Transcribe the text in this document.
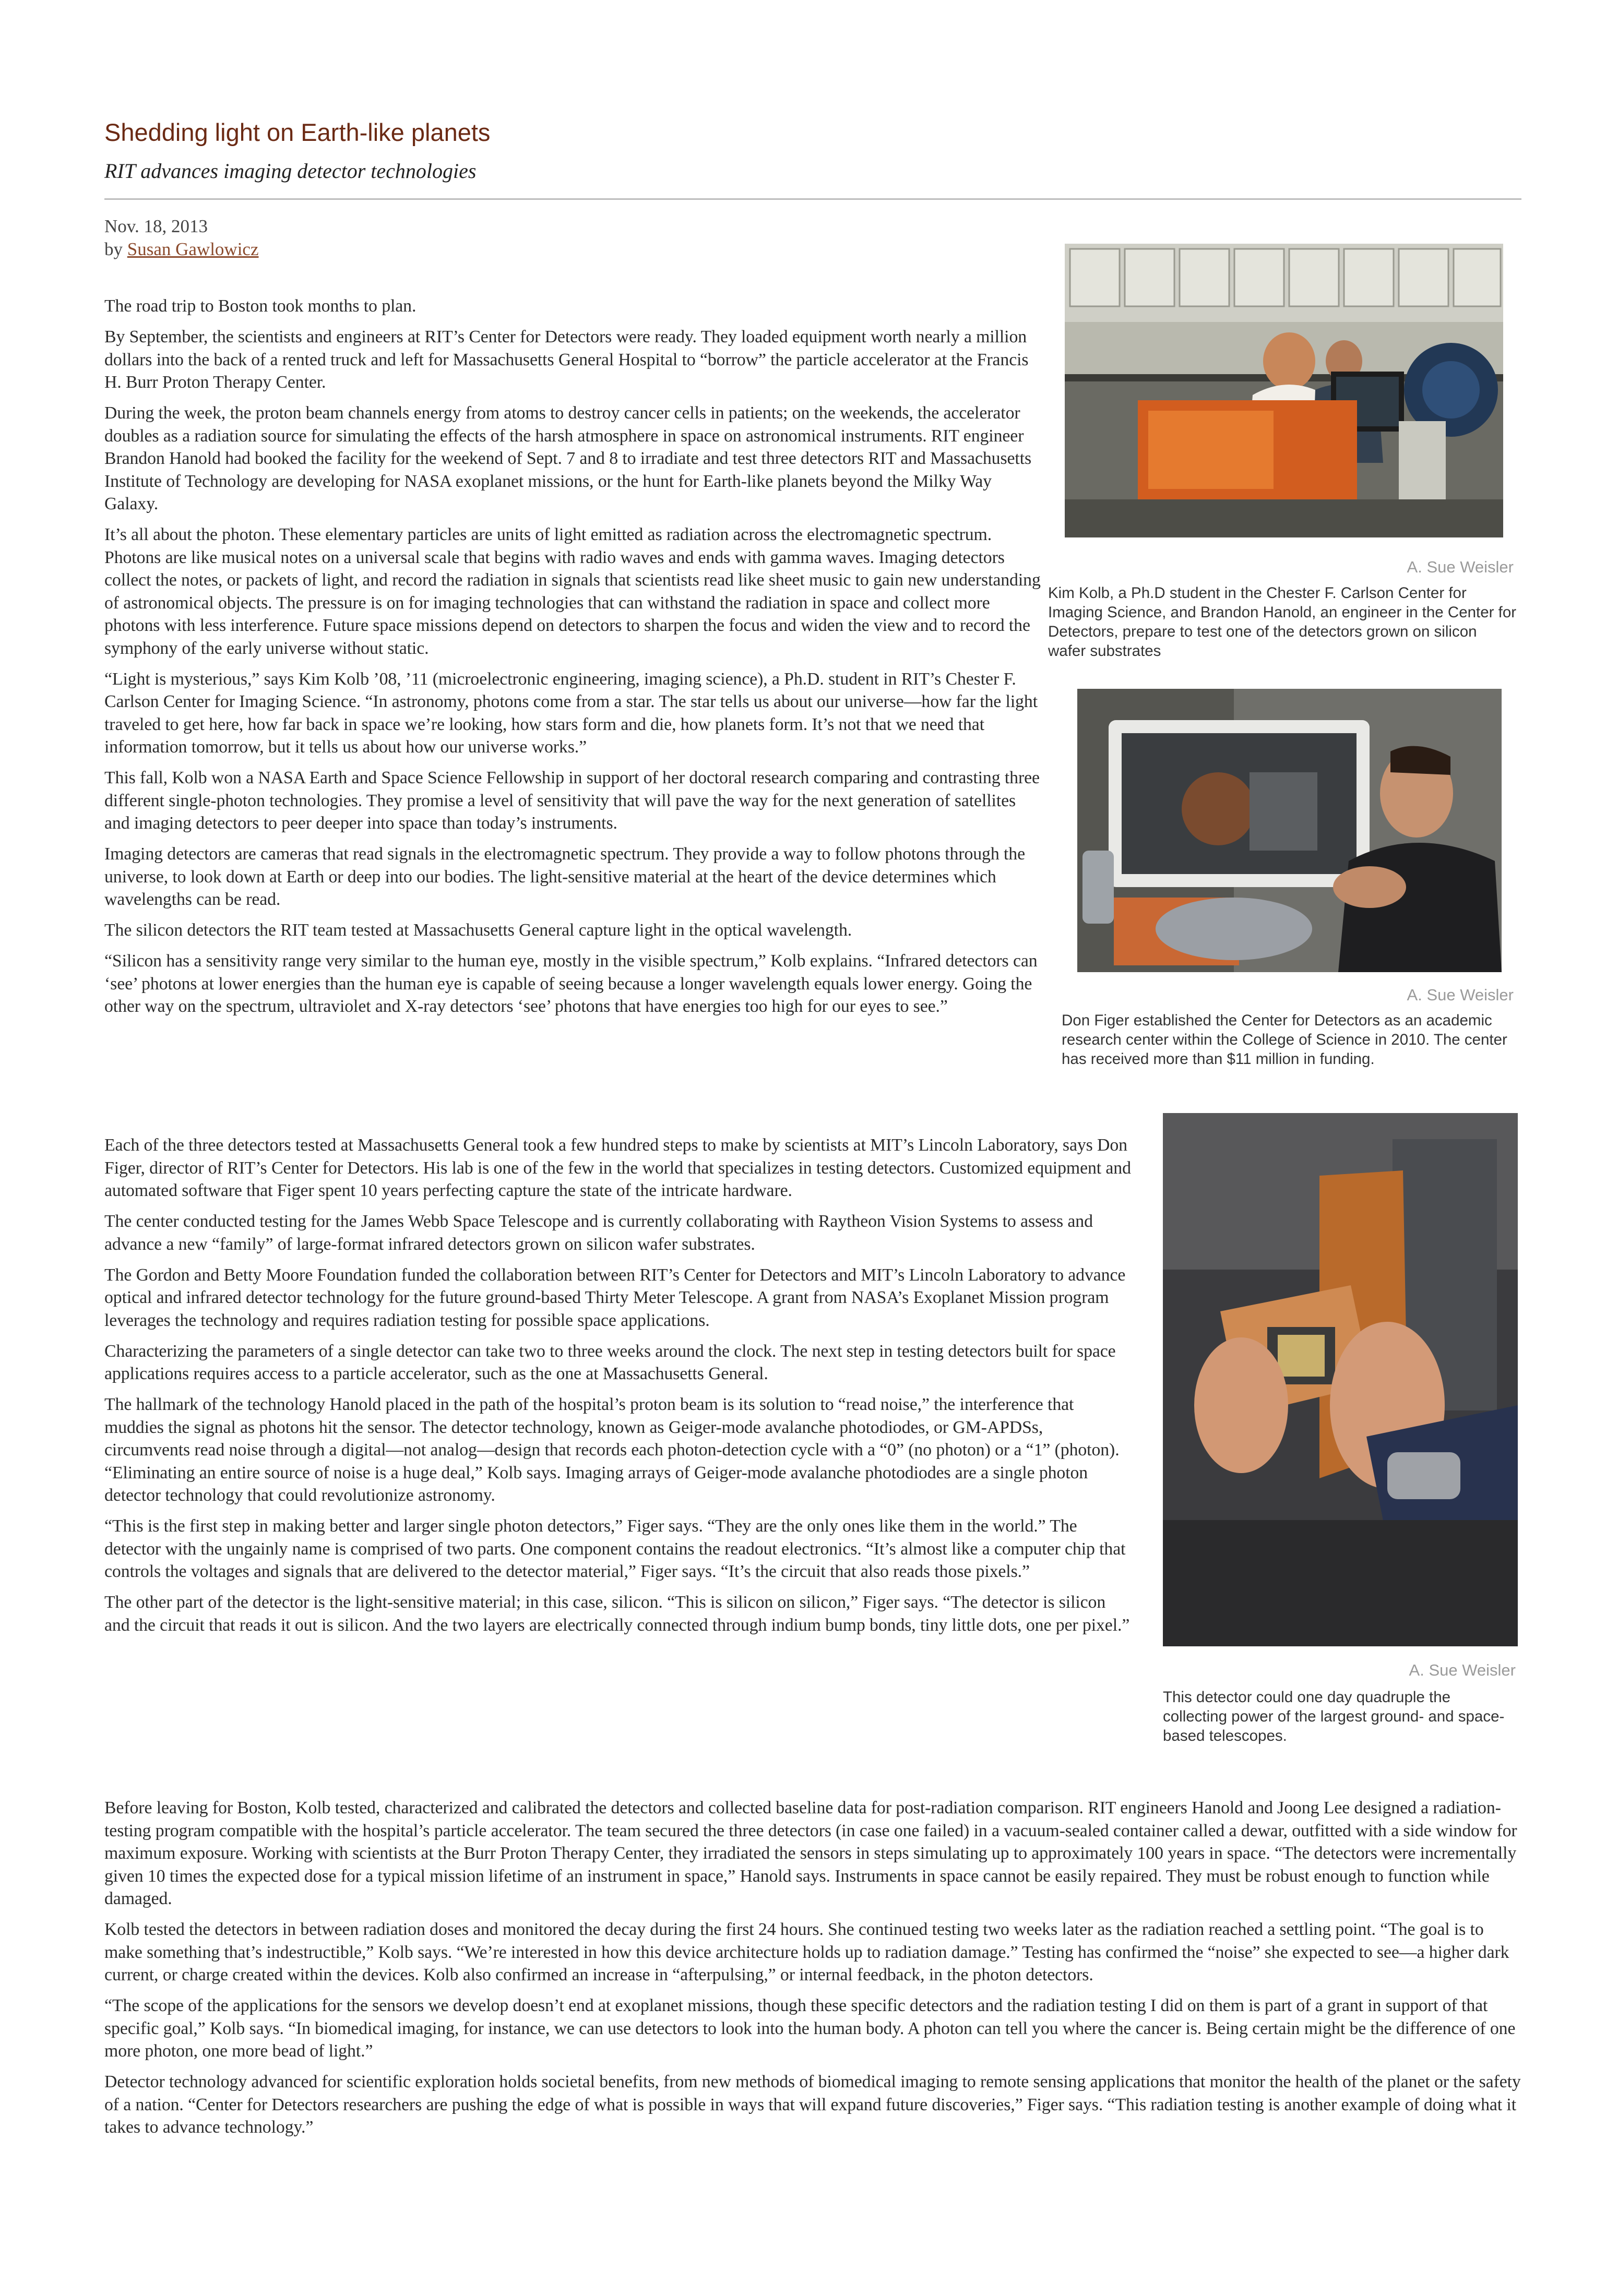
Shedding light on Earth-like planets
RIT advances imaging detector technologies
Nov. 18, 2013
by Susan Gawlowicz

The road trip to Boston took months to plan.

By September, the scientists and engineers at RIT’s Center for Detectors were ready. They loaded equipment worth nearly a million dollars into the back of a rented truck and left for Massachusetts General Hospital to “borrow” the particle accelerator at the Francis H. Burr Proton Therapy Center.

During the week, the proton beam channels energy from atoms to destroy cancer cells in patients; on the weekends, the accelerator doubles as a radiation source for simulating the effects of the harsh atmosphere in space on astronomical instruments. RIT engineer Brandon Hanold had booked the facility for the weekend of Sept. 7 and 8 to irradiate and test three detectors RIT and Massachusetts Institute of Technology are developing for NASA exoplanet missions, or the hunt for Earth-like planets beyond the Milky Way Galaxy.

It’s all about the photon. These elementary particles are units of light emitted as radiation across the electromagnetic spectrum. Photons are like musical notes on a universal scale that begins with radio waves and ends with gamma waves. Imaging detectors collect the notes, or packets of light, and record the radiation in signals that scientists read like sheet music to gain new understanding of astronomical objects. The pressure is on for imaging technologies that can withstand the radiation in space and collect more photons with less interference. Future space missions depend on detectors to sharpen the focus and widen the view and to record the symphony of the early universe without static.

“Light is mysterious,” says Kim Kolb ’08, ’11 (microelectronic engineering, imaging science), a Ph.D. student in RIT’s Chester F. Carlson Center for Imaging Science. “In astronomy, photons come from a star. The star tells us about our universe—how far the light traveled to get here, how far back in space we’re looking, how stars form and die, how planets form. It’s not that we need that information tomorrow, but it tells us about how our universe works.”

This fall, Kolb won a NASA Earth and Space Science Fellowship in support of her doctoral research comparing and contrasting three different single-photon technologies. They promise a level of sensitivity that will pave the way for the next generation of satellites and imaging detectors to peer deeper into space than today’s instruments.

Imaging detectors are cameras that read signals in the electromagnetic spectrum. They provide a way to follow photons through the universe, to look down at Earth or deep into our bodies. The light-sensitive material at the heart of the device determines which wavelengths can be read.

The silicon detectors the RIT team tested at Massachusetts General capture light in the optical wavelength.

“Silicon has a sensitivity range very similar to the human eye, mostly in the visible spectrum,” Kolb explains. “Infrared detectors can ‘see’ photons at lower energies than the human eye is capable of seeing because a longer wavelength equals lower energy. Going the other way on the spectrum, ultraviolet and X-ray detectors ‘see’ photons that have energies too high for our eyes to see.”

Each of the three detectors tested at Massachusetts General took a few hundred steps to make by scientists at MIT’s Lincoln Laboratory, says Don Figer, director of RIT’s Center for Detectors. His lab is one of the few in the world that specializes in testing detectors. Customized equipment and automated software that Figer spent 10 years perfecting capture the state of the intricate hardware.

The center conducted testing for the James Webb Space Telescope and is currently collaborating with Raytheon Vision Systems to assess and advance a new “family” of large-format infrared detectors grown on silicon wafer substrates.

The Gordon and Betty Moore Foundation funded the collaboration between RIT’s Center for Detectors and MIT’s Lincoln Laboratory to advance optical and infrared detector technology for the future ground-based Thirty Meter Telescope. A grant from NASA’s Exoplanet Mission program leverages the technology and requires radiation testing for possible space applications.

Characterizing the parameters of a single detector can take two to three weeks around the clock. The next step in testing detectors built for space applications requires access to a particle accelerator, such as the one at Massachusetts General.

The hallmark of the technology Hanold placed in the path of the hospital’s proton beam is its solution to “read noise,” the interference that muddies the signal as photons hit the sensor. The detector technology, known as Geiger-mode avalanche photodiodes, or GM-APDSs, circumvents read noise through a digital—not analog—design that records each photon-detection cycle with a “0” (no photon) or a “1” (photon). “Eliminating an entire source of noise is a huge deal,” Kolb says. Imaging arrays of Geiger-mode avalanche photodiodes are a single photon detector technology that could revolutionize astronomy.

“This is the first step in making better and larger single photon detectors,” Figer says. “They are the only ones like them in the world.” The detector with the ungainly name is comprised of two parts. One component contains the readout electronics. “It’s almost like a computer chip that controls the voltages and signals that are delivered to the detector material,” Figer says. “It’s the circuit that also reads those pixels.”

The other part of the detector is the light-sensitive material; in this case, silicon. “This is silicon on silicon,” Figer says. “The detector is silicon and the circuit that reads it out is silicon. And the two layers are electrically connected through indium bump bonds, tiny little dots, one per pixel.”

Before leaving for Boston, Kolb tested, characterized and calibrated the detectors and collected baseline data for post-radiation comparison. RIT engineers Hanold and Joong Lee designed a radiation-testing program compatible with the hospital’s particle accelerator. The team secured the three detectors (in case one failed) in a vacuum-sealed container called a dewar, outfitted with a side window for maximum exposure. Working with scientists at the Burr Proton Therapy Center, they irradiated the sensors in steps simulating up to approximately 100 years in space. “The detectors were incrementally given 10 times the expected dose for a typical mission lifetime of an instrument in space,” Hanold says. Instruments in space cannot be easily repaired. They must be robust enough to function while damaged.

Kolb tested the detectors in between radiation doses and monitored the decay during the first 24 hours. She continued testing two weeks later as the radiation reached a settling point. “The goal is to make something that’s indestructible,” Kolb says. “We’re interested in how this device architecture holds up to radiation damage.” Testing has confirmed the “noise” she expected to see—a higher dark current, or charge created within the devices. Kolb also confirmed an increase in “afterpulsing,” or internal feedback, in the photon detectors.

“The scope of the applications for the sensors we develop doesn’t end at exoplanet missions, though these specific detectors and the radiation testing I did on them is part of a grant in support of that specific goal,” Kolb says. “In biomedical imaging, for instance, we can use detectors to look into the human body. A photon can tell you where the cancer is. Being certain might be the difference of one more photon, one more bead of light.”

Detector technology advanced for scientific exploration holds societal benefits, from new methods of biomedical imaging to remote sensing applications that monitor the health of the planet or the safety of a nation. “Center for Detectors researchers are pushing the edge of what is possible in ways that will expand future discoveries,” Figer says. “This radiation testing is another example of doing what it takes to advance technology.”

A. Sue Weisler
Kim Kolb, a Ph.D student in the Chester F. Carlson Center for Imaging Science, and Brandon Hanold, an engineer in the Center for Detectors, prepare to test one of the detectors grown on silicon wafer substrates
A. Sue Weisler
Don Figer established the Center for Detectors as an academic research center within the College of Science in 2010. The center has received more than $11 million in funding.
A. Sue Weisler
This detector could one day quadruple the collecting power of the largest ground- and space-based telescopes.
